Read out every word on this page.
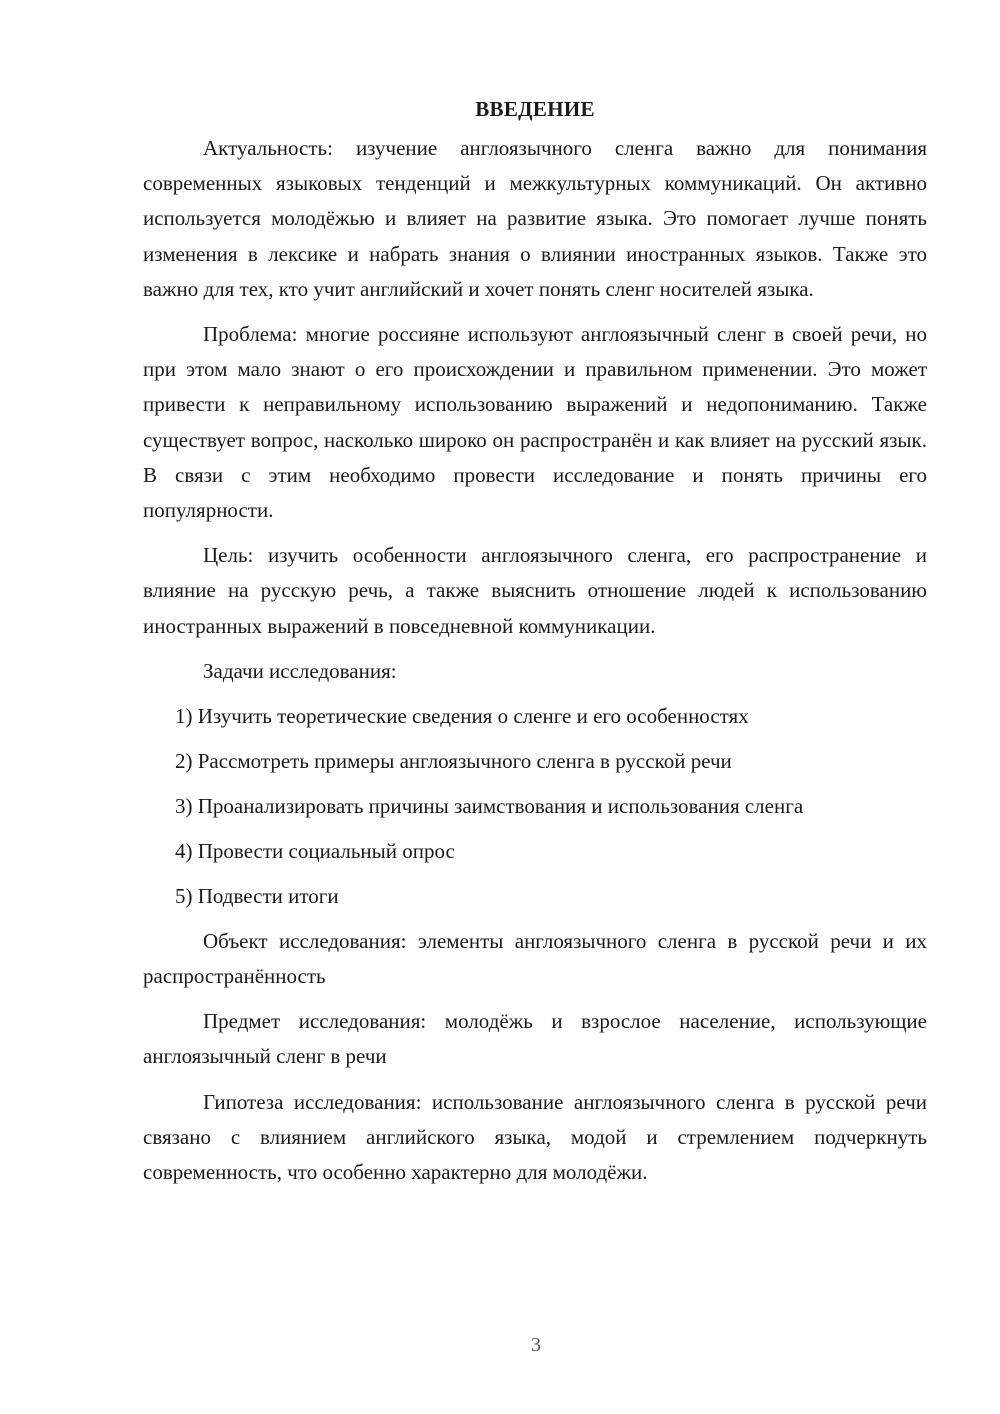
ВВЕДЕНИЕ

Актуальность: изучение англоязычного сленга важно для понимания современных языковых тенденций и межкультурных коммуникаций. Он активно используется молодёжью и влияет на развитие языка. Это помогает лучше понять изменения в лексике и набрать знания о влиянии иностранных языков. Также это важно для тех, кто учит английский и хочет понять сленг носителей языка.

Проблема: многие россияне используют англоязычный сленг в своей речи, но при этом мало знают о его происхождении и правильном применении. Это может привести к неправильному использованию выражений и недопониманию. Также существует вопрос, насколько широко он распространён и как влияет на русский язык. В связи с этим необходимо провести исследование и понять причины его популярности.

Цель: изучить особенности англоязычного сленга, его распространение и влияние на русскую речь, а также выяснить отношение людей к использованию иностранных выражений в повседневной коммуникации.

Задачи исследования:

1) Изучить теоретические сведения о сленге и его особенностях
2) Рассмотреть примеры англоязычного сленга в русской речи
3) Проанализировать причины заимствования и использования сленга
4) Провести социальный опрос
5) Подвести итоги

Объект исследования: элементы англоязычного сленга в русской речи и их распространённость

Предмет исследования: молодёжь и взрослое население, использующие англоязычный сленг в речи

Гипотеза исследования: использование англоязычного сленга в русской речи связано с влиянием английского языка, модой и стремлением подчеркнуть современность, что особенно характерно для молодёжи.

3
